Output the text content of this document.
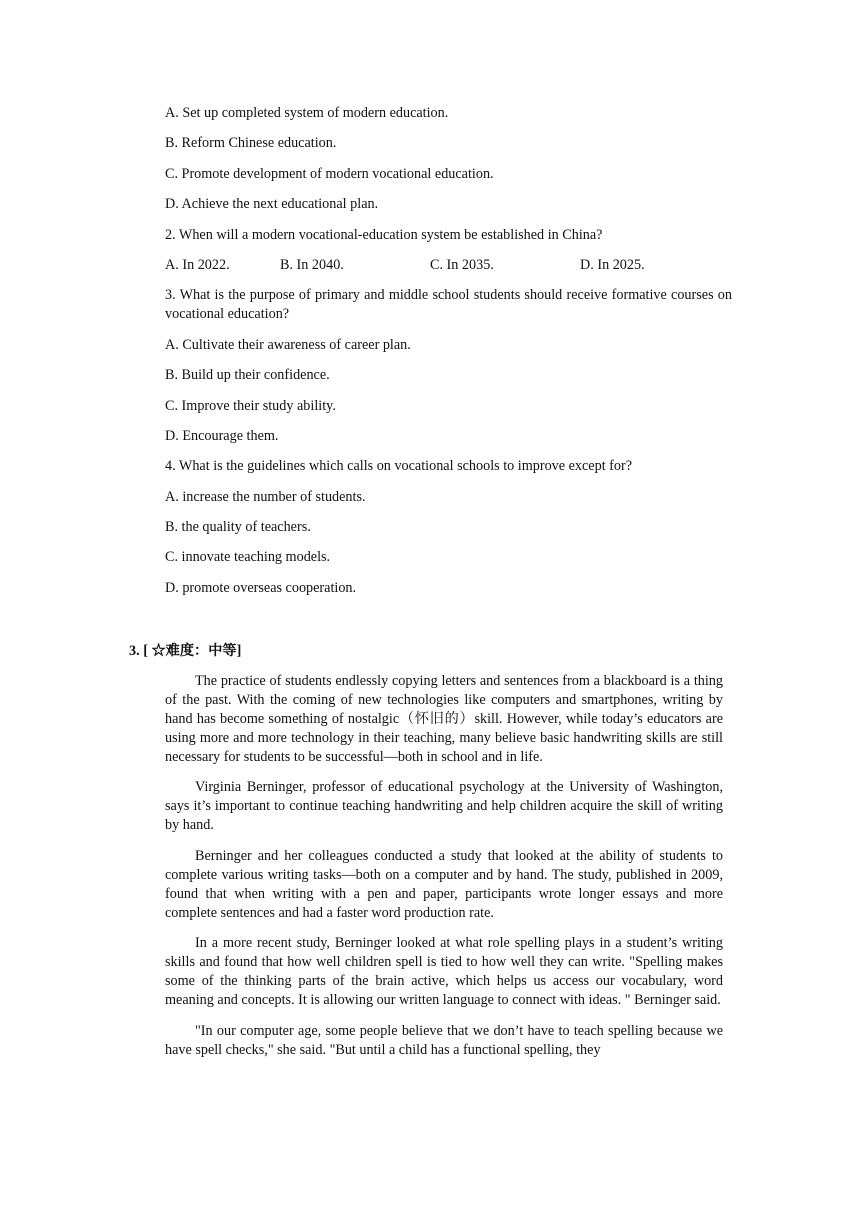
A. Set up completed system of modern education.
B. Reform Chinese education.
C. Promote development of modern vocational education.
D. Achieve the next educational plan.
2. When will a modern vocational-education system be established in China?
A. In 2022.	B. In 2040.	C. In 2035.	D. In 2025.
3. What is the purpose of primary and middle school students should receive formative courses on vocational education?
A. Cultivate their awareness of career plan.
B. Build up their confidence.
C. Improve their study ability.
D. Encourage them.
4. What is the guidelines which calls on vocational schools to improve except for?
A. increase the number of students.
B. the quality of teachers.
C. innovate teaching models.
D. promote overseas cooperation.
3. [ ☆难度：中等]

The practice of students endlessly copying letters and sentences from a blackboard is a thing of the past. With the coming of new technologies like computers and smartphones, writing by hand has become something of nostalgic（怀旧的）skill. However, while today’s educators are using more and more technology in their teaching, many believe basic handwriting skills are still necessary for students to be successful—both in school and in life.

Virginia Berninger, professor of educational psychology at the University of Washington, says it’s important to continue teaching handwriting and help children acquire the skill of writing by hand.

Berninger and her colleagues conducted a study that looked at the ability of students to complete various writing tasks—both on a computer and by hand. The study, published in 2009, found that when writing with a pen and paper, participants wrote longer essays and more complete sentences and had a faster word production rate.

In a more recent study, Berninger looked at what role spelling plays in a student’s writing skills and found that how well children spell is tied to how well they can write. "Spelling makes some of the thinking parts of the brain active, which helps us access our vocabulary, word meaning and concepts. It is allowing our written language to connect with ideas. " Berninger said.

"In our computer age, some people believe that we don’t have to teach spelling because we have spell checks," she said. "But until a child has a functional spelling, they
